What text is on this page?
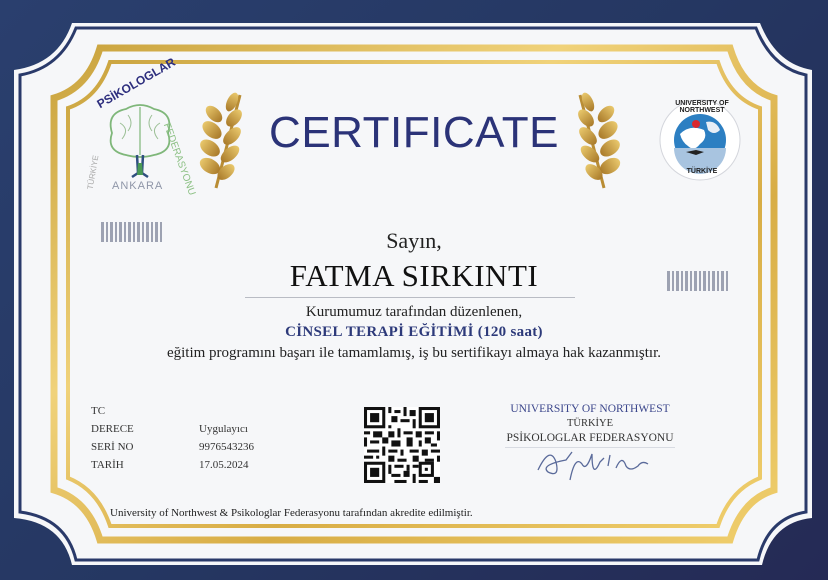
PSİKOLOGLAR
FEDERASYONU
TÜRKİYE ANKARA
UNIVERSITY OF NORTHWEST
TÜRKİYE
CERTIFICATE
Sayın,
FATMA SIRKINTI
Kurumumuz tarafından düzenlenen,
CİNSEL TERAPİ EĞİTİMİ (120 saat)
eğitim programını başarı ile tamamlamış, iş bu sertifikayı almaya hak kazanmıştır.
TC
DERECE	Uygulayıcı
SERİ NO	9976543236
TARİH	17.05.2024
UNIVERSITY OF NORTHWEST
TÜRKİYE
PSİKOLOGLAR FEDERASYONU
University of Northwest & Psikologlar Federasyonu tarafından akredite edilmiştir.
